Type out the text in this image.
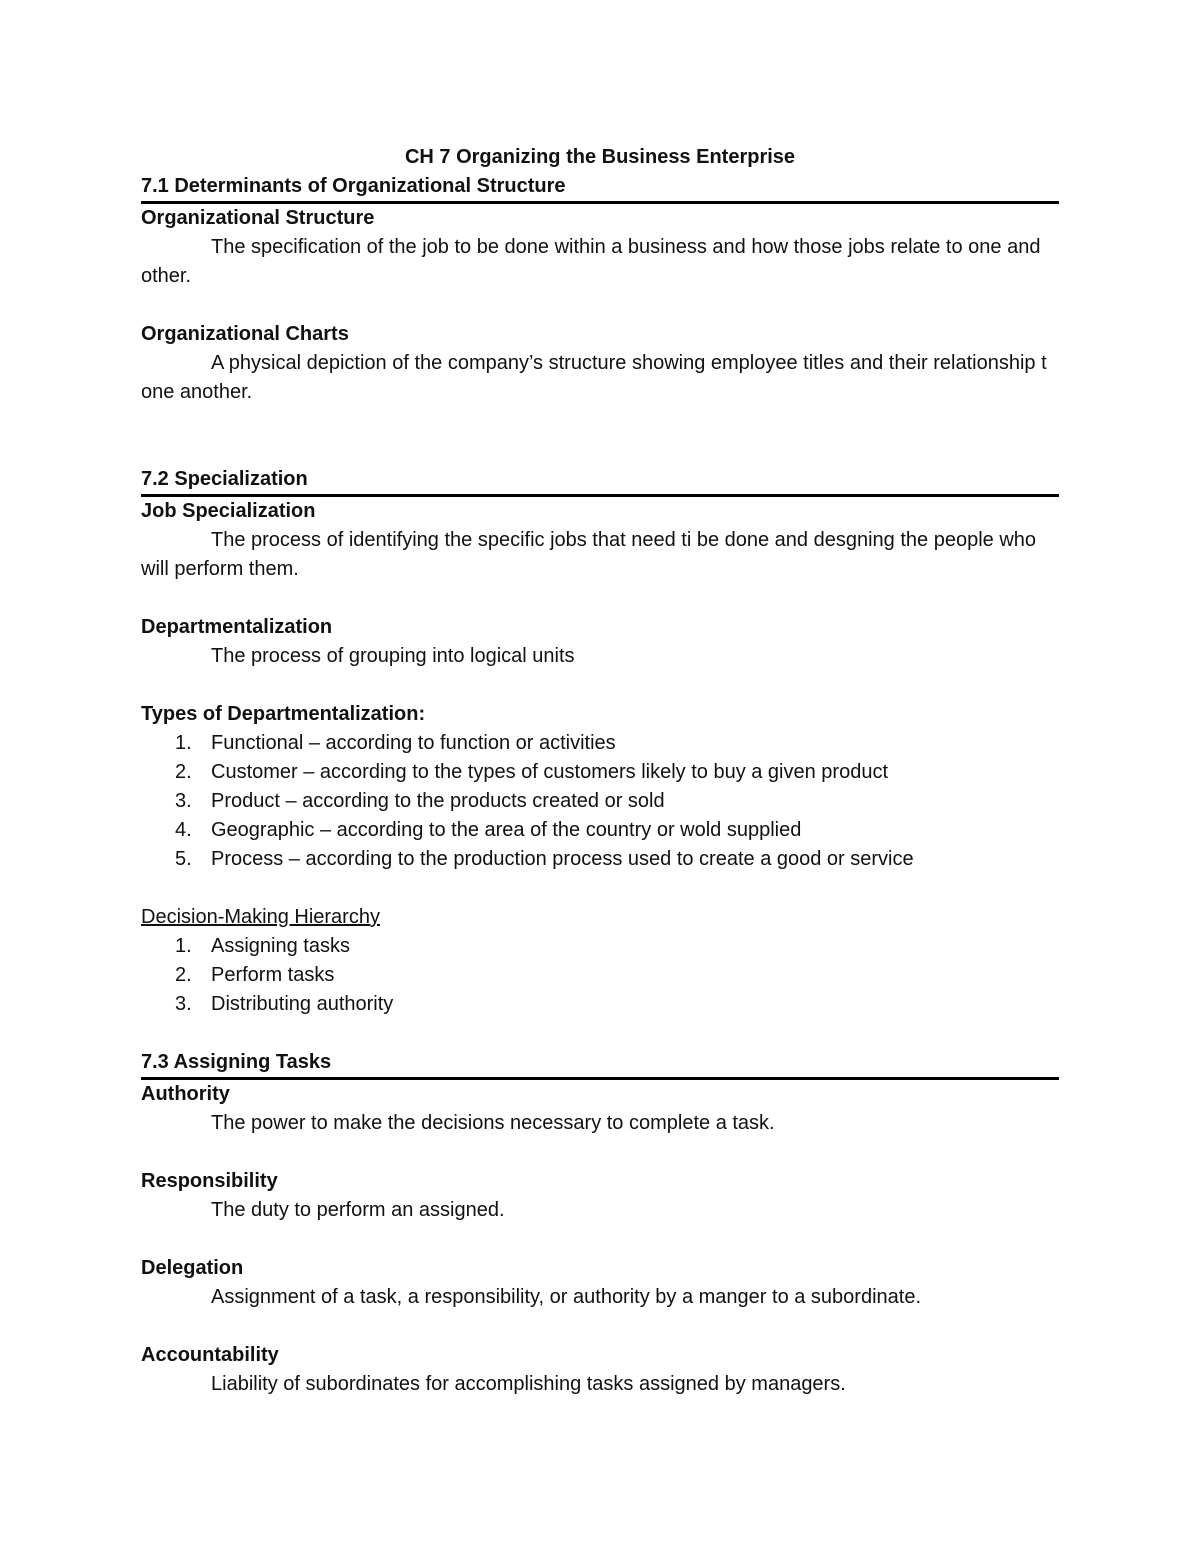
CH 7 Organizing the Business Enterprise

7.1 Determinants of Organizational Structure

Organizational Structure

The specification of the job to be done within a business and how those jobs relate to one and other.

Organizational Charts

A physical depiction of the company’s structure showing employee titles and their relationship t one another.

7.2 Specialization

Job Specialization

The process of identifying the specific jobs that need ti be done and desgning the people who will perform them.

Departmentalization

The process of grouping into logical units

Types of Departmentalization:

1. Functional – according to function or activities
2. Customer – according to the types of customers likely to buy a given product
3. Product – according to the products created or sold
4. Geographic – according to the area of the country or wold supplied
5. Process – according to the production process used to create a good or service

Decision-Making Hierarchy

1. Assigning tasks
2. Perform tasks
3. Distributing authority
7.3 Assigning Tasks

Authority

The power to make the decisions necessary to complete a task.

Responsibility

The duty to perform an assigned.

Delegation

Assignment of a task, a responsibility, or authority by a manger to a subordinate.

Accountability

Liability of subordinates for accomplishing tasks assigned by managers.
